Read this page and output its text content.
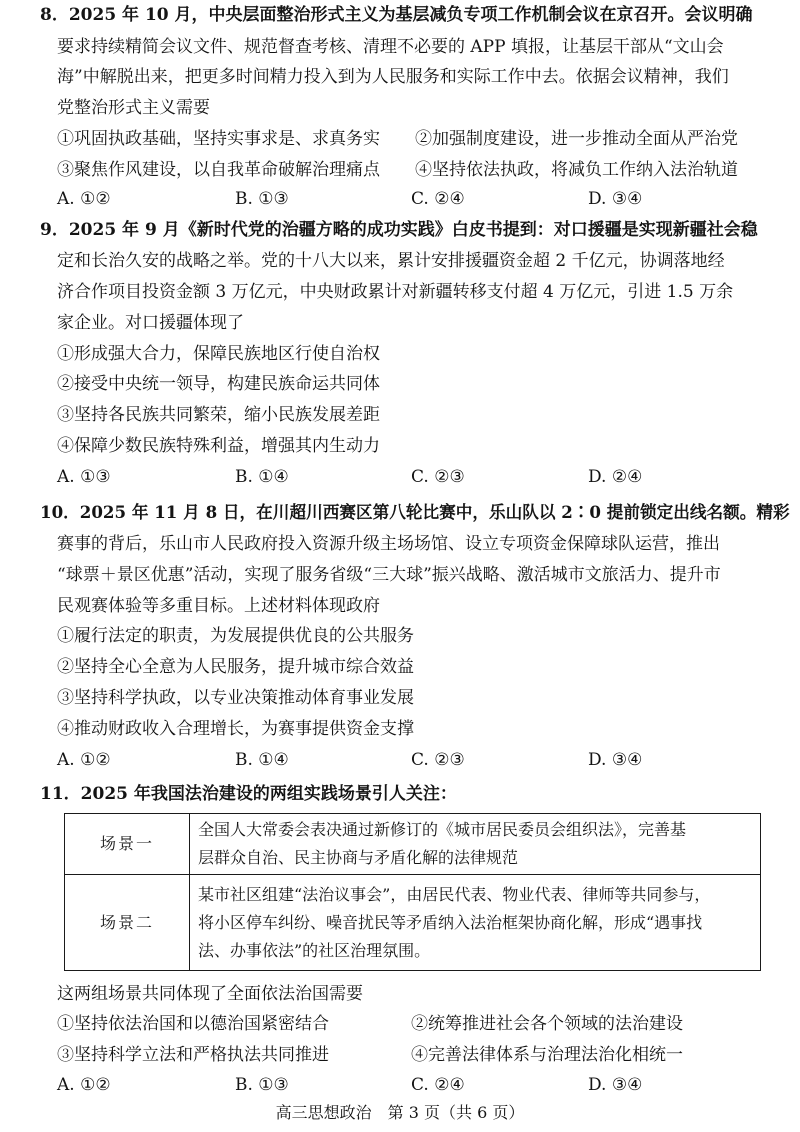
8．2025 年 10 月，中央层面整治形式主义为基层减负专项工作机制会议在京召开。会议明确
要求持续精简会议文件、规范督查考核、清理不必要的 APP 填报，让基层干部从“文山会
海”中解脱出来，把更多时间精力投入到为人民服务和实际工作中去。依据会议精神，我们
党整治形式主义需要
①巩固执政基础，坚持实事求是、求真务实 ②加强制度建设，进一步推动全面从严治党
③聚焦作风建设，以自我革命破解治理痛点 ④坚持依法执政，将减负工作纳入法治轨道
A. ①②	B. ①③	C. ②④	D. ③④
9．2025 年 9 月《新时代党的治疆方略的成功实践》白皮书提到：对口援疆是实现新疆社会稳
定和长治久安的战略之举。党的十八大以来，累计安排援疆资金超 2 千亿元，协调落地经
济合作项目投资金额 3 万亿元，中央财政累计对新疆转移支付超 4 万亿元，引进 1.5 万余
家企业。对口援疆体现了
①形成强大合力，保障民族地区行使自治权
②接受中央统一领导，构建民族命运共同体
③坚持各民族共同繁荣，缩小民族发展差距
④保障少数民族特殊利益，增强其内生动力
A. ①③	B. ①④	C. ②③	D. ②④
10．2025 年 11 月 8 日，在川超川西赛区第八轮比赛中，乐山队以 2∶0 提前锁定出线名额。精彩
赛事的背后，乐山市人民政府投入资源升级主场场馆、设立专项资金保障球队运营，推出
“球票＋景区优惠”活动，实现了服务省级“三大球”振兴战略、激活城市文旅活力、提升市
民观赛体验等多重目标。上述材料体现政府
①履行法定的职责，为发展提供优良的公共服务
②坚持全心全意为人民服务，提升城市综合效益
③坚持科学执政，以专业决策推动体育事业发展
④推动财政收入合理增长，为赛事提供资金支撑
A. ①②	B. ①④	C. ②③	D. ③④
11．2025 年我国法治建设的两组实践场景引人关注：
场景一	全国人大常委会表决通过新修订的《城市居民委员会组织法》，完善基
层群众自治、民主协商与矛盾化解的法律规范

场景二	某市社区组建“法治议事会”，由居民代表、物业代表、律师等共同参与，
将小区停车纠纷、噪音扰民等矛盾纳入法治框架协商化解，形成“遇事找
法、办事依法”的社区治理氛围。
这两组场景共同体现了全面依法治国需要
①坚持依法治国和以德治国紧密结合	②统筹推进社会各个领域的法治建设
③坚持科学立法和严格执法共同推进	④完善法律体系与治理法治化相统一
A. ①②	B. ①③	C. ②④	D. ③④
高三思想政治　第 3 页（共 6 页）
